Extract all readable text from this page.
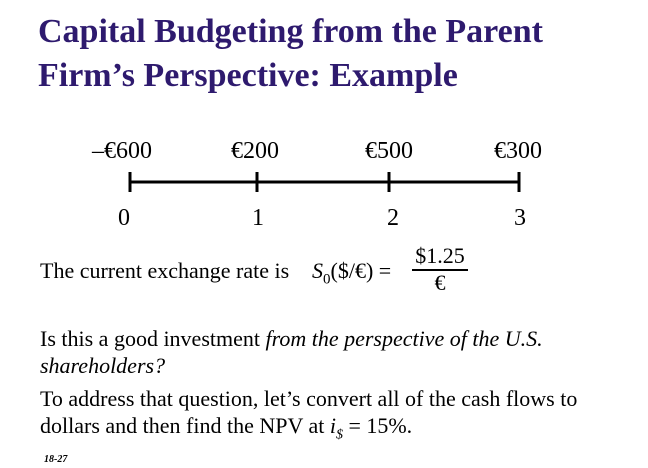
Capital Budgeting from the Parent
Firm’s Perspective: Example
–€600	€200	€500	€300
0	1	2	3
The current exchange rate is $S_0(\$/€)$ =
$1.25
€
Is this a good investment from the perspective of the U.S. shareholders?
To address that question, let’s convert all of the cash flows to dollars and then find the NPV at $i_{\$} = 15\%$.
18-27
